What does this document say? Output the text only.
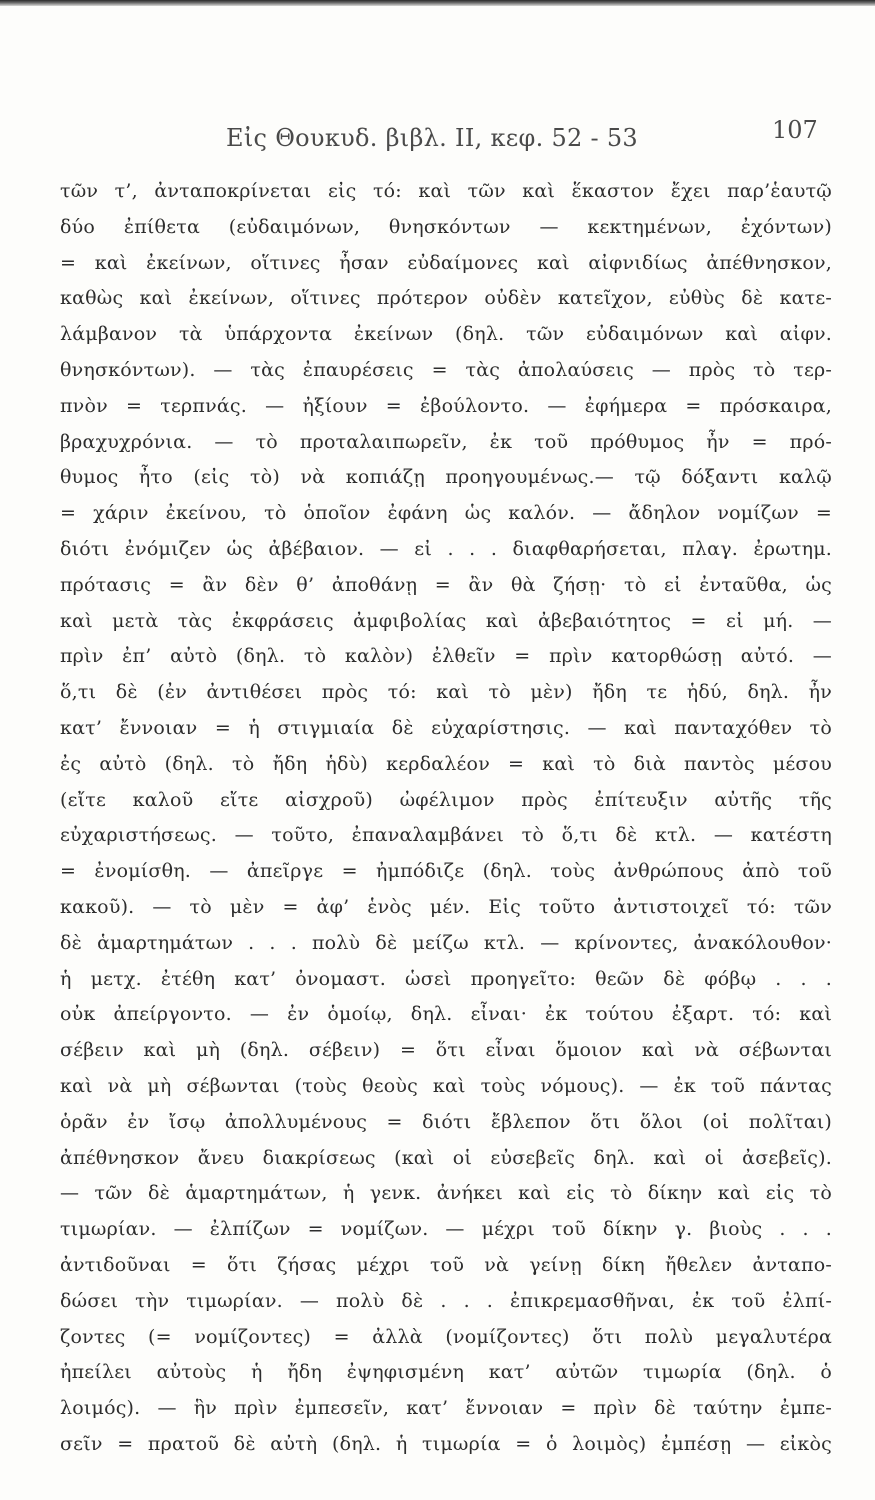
Εἰς Θουκυδ. βιβλ. II, κεφ. 52 - 53	107
τῶν τ’, ἀνταποκρίνεται εἰς τό: καὶ τῶν καὶ ἕκαστον ἔχει παρ’ἑαυτῷ
δύο ἐπίθετα (εὐδαιμόνων, θνησκόντων — κεκτημένων, ἐχόντων)
= καὶ ἐκείνων, οἵτινες ἦσαν εὐδαίμονες καὶ αἰφνιδίως ἀπέθνησκον,
καθὼς καὶ ἐκείνων, οἵτινες πρότερον οὐδὲν κατεῖχον, εὐθὺς δὲ κατε-
λάμβανον τὰ ὑπάρχοντα ἐκείνων (δηλ. τῶν εὐδαιμόνων καὶ αἰφν.
θνησκόντων). — τὰς ἐπαυρέσεις = τὰς ἀπολαύσεις — πρὸς τὸ τερ-
πνὸν = τερπνάς. — ἠξίουν = ἐβούλοντο. — ἐφήμερα = πρόσκαιρα,
βραχυχρόνια. — τὸ προταλαιπωρεῖν, ἐκ τοῦ πρόθυμος ἦν = πρό-
θυμος ἦτο (εἰς τὸ) νὰ κοπιάζῃ προηγουμένως.— τῷ δόξαντι καλῷ
= χάριν ἐκείνου, τὸ ὁποῖον ἐφάνη ὡς καλόν. — ἄδηλον νομίζων =
διότι ἐνόμιζεν ὡς ἀβέβαιον. — εἰ . . . διαφθαρήσεται, πλαγ. ἐρωτημ.
πρότασις = ἂν δὲν θ’ ἀποθάνῃ = ἂν θὰ ζήσῃ· τὸ εἰ ἐνταῦθα, ὡς
καὶ μετὰ τὰς ἐκφράσεις ἀμφιβολίας καὶ ἀβεβαιότητος = εἰ μή. —
πρὶν ἐπ’ αὐτὸ (δηλ. τὸ καλὸν) ἐλθεῖν = πρὶν κατορθώσῃ αὐτό. —
ὅ,τι δὲ (ἐν ἀντιθέσει πρὸς τό: καὶ τὸ μὲν) ἤδη τε ἡδύ, δηλ. ἦν
κατ’ ἔννοιαν = ἡ στιγμιαία δὲ εὐχαρίστησις. — καὶ πανταχόθεν τὸ
ἐς αὐτὸ (δηλ. τὸ ἤδη ἡδὺ) κερδαλέον = καὶ τὸ διὰ παντὸς μέσου
(εἴτε καλοῦ εἴτε αἰσχροῦ) ὠφέλιμον πρὸς ἐπίτευξιν αὐτῆς τῆς
εὐχαριστήσεως. — τοῦτο, ἐπαναλαμβάνει τὸ ὅ,τι δὲ κτλ. — κατέστη
= ἐνομίσθη. — ἀπεῖργε = ἠμπόδιζε (δηλ. τοὺς ἀνθρώπους ἀπὸ τοῦ
κακοῦ). — τὸ μὲν = ἀφ’ ἑνὸς μέν. Εἰς τοῦτο ἀντιστοιχεῖ τό: τῶν
δὲ ἁμαρτημάτων . . . πολὺ δὲ μείζω κτλ. — κρίνοντες, ἀνακόλουθον·
ἡ μετχ. ἐτέθη κατ’ ὀνομαστ. ὡσεὶ προηγεῖτο: θεῶν δὲ φόβῳ . . .
οὐκ ἀπείργοντο. — ἐν ὁμοίῳ, δηλ. εἶναι· ἐκ τούτου ἐξαρτ. τό: καὶ
σέβειν καὶ μὴ (δηλ. σέβειν) = ὅτι εἶναι ὅμοιον καὶ νὰ σέβωνται
καὶ νὰ μὴ σέβωνται (τοὺς θεοὺς καὶ τοὺς νόμους). — ἐκ τοῦ πάντας
ὁρᾶν ἐν ἴσῳ ἀπολλυμένους = διότι ἔβλεπον ὅτι ὅλοι (οἱ πολῖται)
ἀπέθνησκον ἄνευ διακρίσεως (καὶ οἱ εὐσεβεῖς δηλ. καὶ οἱ ἀσεβεῖς).
— τῶν δὲ ἁμαρτημάτων, ἡ γενκ. ἀνήκει καὶ εἰς τὸ δίκην καὶ εἰς τὸ
τιμωρίαν. — ἐλπίζων = νομίζων. — μέχρι τοῦ δίκην γ. βιοὺς . . .
ἀντιδοῦναι = ὅτι ζήσας μέχρι τοῦ νὰ γείνῃ δίκη ἤθελεν ἀνταπο-
δώσει τὴν τιμωρίαν. — πολὺ δὲ . . . ἐπικρεμασθῆναι, ἐκ τοῦ ἐλπί-
ζοντες (= νομίζοντες) = ἀλλὰ (νομίζοντες) ὅτι πολὺ μεγαλυτέρα
ἠπείλει αὐτοὺς ἡ ἤδη ἐψηφισμένη κατ’ αὐτῶν τιμωρία (δηλ. ὁ
λοιμός). — ἣν πρὶν ἐμπεσεῖν, κατ’ ἔννοιαν = πρὶν δὲ ταύτην ἐμπε-
σεῖν = πρατοῦ δὲ αὐτὴ (δηλ. ἡ τιμωρία = ὁ λοιμὸς) ἐμπέσῃ — εἰκὸς
